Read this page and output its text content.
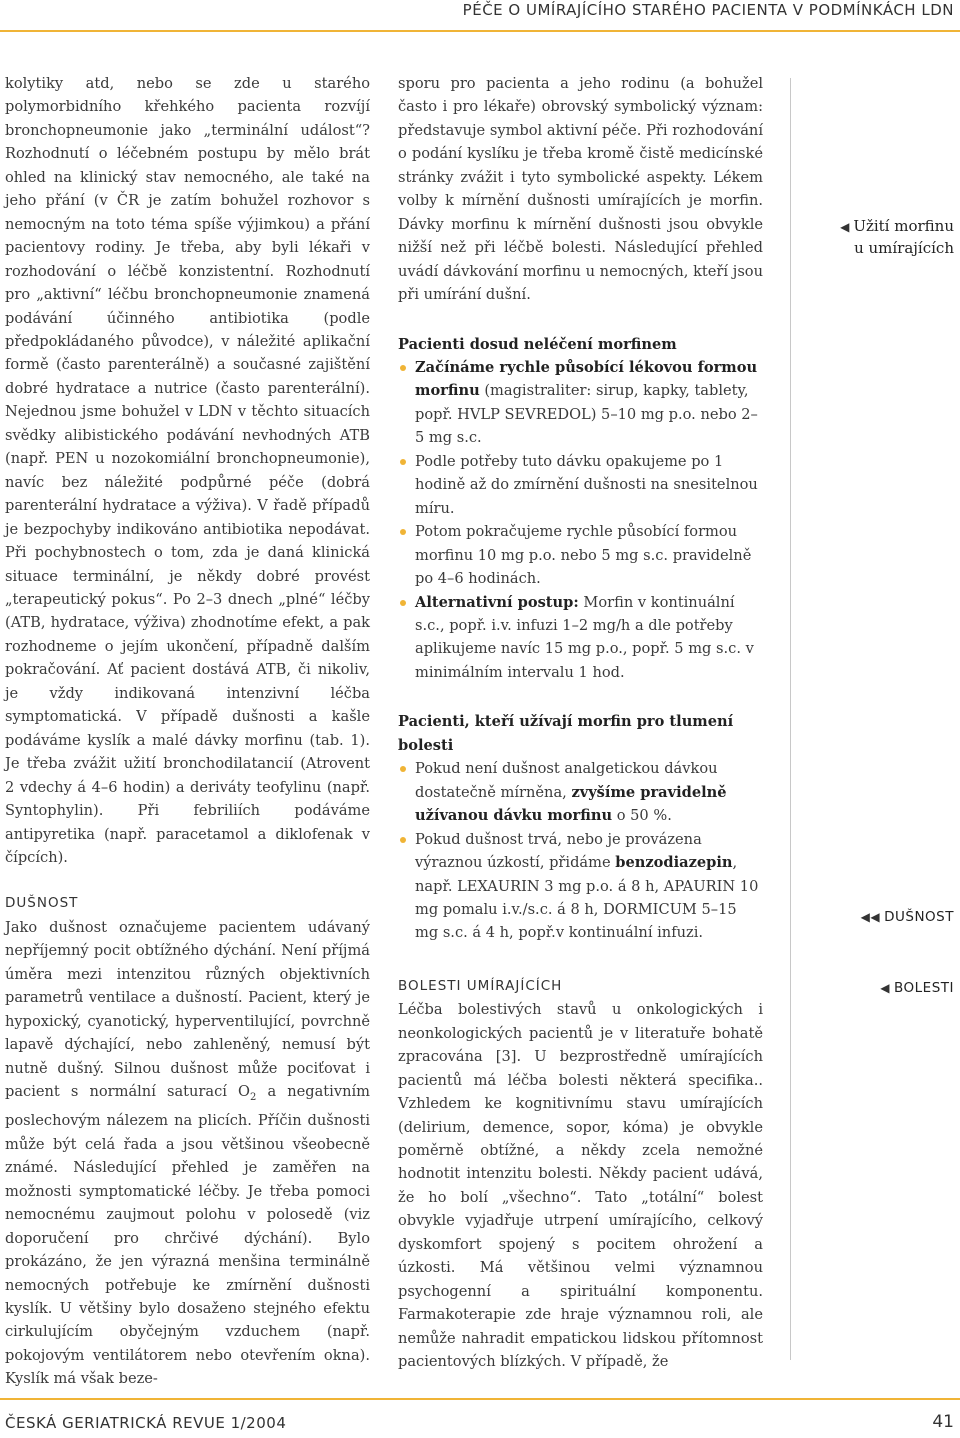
PÉČE O UMÍRAJÍCÍHO STARÉHO PACIENTA V PODMÍNKÁCH LDN

kolytiky atd, nebo se zde u starého polymorbidního křehkého pacienta rozvíjí bronchopneumonie jako „terminální událost“? Rozhodnutí o léčebném postupu by mělo brát ohled na klinický stav nemocného, ale také na jeho přání (v ČR je zatím bohužel rozhovor s nemocným na toto téma spíše výjimkou) a přání pacientovy rodiny. Je třeba, aby byli lékaři v rozhodování o léčbě konzistentní. Rozhodnutí pro „aktivní“ léčbu bronchopneumonie znamená podávání účinného antibiotika (podle předpokládaného původce), v náležité aplikační formě (často parenterálně) a současné zajištění dobré hydratace a nutrice (často parenterální). Nejednou jsme bohužel v LDN v těchto situacích svědky alibistického podávání nevhodných ATB (např. PEN u nozokomiální bronchopneumonie), navíc bez náležité podpůrné péče (dobrá parenterální hydratace a výživa). V řadě případů je bezpochyby indikováno antibiotika nepodávat. Při pochybnostech o tom, zda je daná klinická situace terminální, je někdy dobré provést „terapeutický pokus“. Po 2–3 dnech „plné“ léčby (ATB, hydratace, výživa) zhodnotíme efekt, a pak rozhodneme o jejím ukončení, případně dalším pokračování. Ať pacient dostává ATB, či nikoliv, je vždy indikovaná intenzivní léčba symptomatická. V případě dušnosti a kašle podáváme kyslík a malé dávky morfinu (tab. 1). Je třeba zvážit užití bronchodilatancií (Atrovent 2 vdechy á 4–6 hodin) a deriváty teofylinu (např. Syntophylin). Při febriliích podáváme antipyretika (např. paracetamol a diklofenak v čípcích).

DUŠNOST

Jako dušnost označujeme pacientem udávaný nepříjemný pocit obtížného dýchání. Není příjmá úměra mezi intenzitou různých objektivních parametrů ventilace a dušností. Pacient, který je hypoxický, cyanotický, hyperventilující, povrchně lapavě dýchající, nebo zahleněný, nemusí být nutně dušný. Silnou dušnost může pociťovat i pacient s normální saturací $O_2$ a negativním poslechovým nálezem na plicích. Příčin dušnosti může být celá řada a jsou většinou všeobecně známé. Následující přehled je zaměřen na možnosti symptomatické léčby. Je třeba pomoci nemocnému zaujmout polohu v polosedě (viz doporučení pro chrčivé dýchání). Bylo prokázáno, že jen výrazná menšina terminálně nemocných potřebuje ke zmírnění dušnosti kyslík. U většiny bylo dosaženo stejného efektu cirkulujícím obyčejným vzduchem (např. pokojovým ventilátorem nebo otevřením okna). Kyslík má však beze-

sporu pro pacienta a jeho rodinu (a bohužel často i pro lékaře) obrovský symbolický význam: představuje symbol aktivní péče. Při rozhodování o podání kyslíku je třeba kromě čistě medicínské stránky zvážit i tyto symbolické aspekty. Lékem volby k mírnění dušnosti umírajících je morfin. Dávky morfinu k mírnění dušnosti jsou obvykle nižší než při léčbě bolesti. Následující přehled uvádí dávkování morfinu u nemocných, kteří jsou při umírání dušní.

Pacienti dosud neléčení morfinem
Začínáme rychle působící lékovou formou morfinu (magistraliter: sirup, kapky, tablety, popř. HVLP SEVREDOL) 5–10 mg p.o. nebo 2–5 mg s.c.
Podle potřeby tuto dávku opakujeme po 1 hodině až do zmírnění dušnosti na snesitelnou míru.
Potom pokračujeme rychle působící formou morfinu 10 mg p.o. nebo 5 mg s.c. pravidelně po 4–6 hodinách.
Alternativní postup: Morfin v kontinuální s.c., popř. i.v. infuzi 1–2 mg/h a dle potřeby aplikujeme navíc 15 mg p.o., popř. 5 mg s.c. v minimálním intervalu 1 hod.
Pacienti, kteří užívají morfin pro tlumení bolesti
Pokud není dušnost analgetickou dávkou dostatečně mírněna, zvyšíme pravidelně užívanou dávku morfinu o 50 %.
Pokud dušnost trvá, nebo je provázena výraznou úzkostí, přidáme benzodiazepin, např. LEXAURIN 3 mg p.o. á 8 h, APAURIN 10 mg pomalu i.v./s.c. á 8 h, DORMICUM 5–15 mg s.c. á 4 h, popř.v kontinuální infuzi.
BOLESTI UMÍRAJÍCÍCH

Léčba bolestivých stavů u onkologických i neonkologických pacientů je v literatuře bohatě zpracována [3]. U bezprostředně umírajících pacientů má léčba bolesti některá specifika.. Vzhledem ke kognitivnímu stavu umírajících (delirium, demence, sopor, kóma) je obvykle poměrně obtížné, a někdy zcela nemožné hodnotit intenzitu bolesti. Někdy pacient udává, že ho bolí „všechno“. Tato „totální“ bolest obvykle vyjadřuje utrpení umírajícího, celkový dyskomfort spojený s pocitem ohrožení a úzkosti. Má většinou velmi významnou psychogenní a spirituální komponentu. Farmakoterapie zde hraje významnou roli, ale nemůže nahradit empatickou lidskou přítomnost pacientových blízkých. V případě, že

◀ Užití morfinu
u umírajících
◀◀ DUŠNOST
◀ BOLESTI
ČESKÁ GERIATRICKÁ REVUE 1/2004	41
